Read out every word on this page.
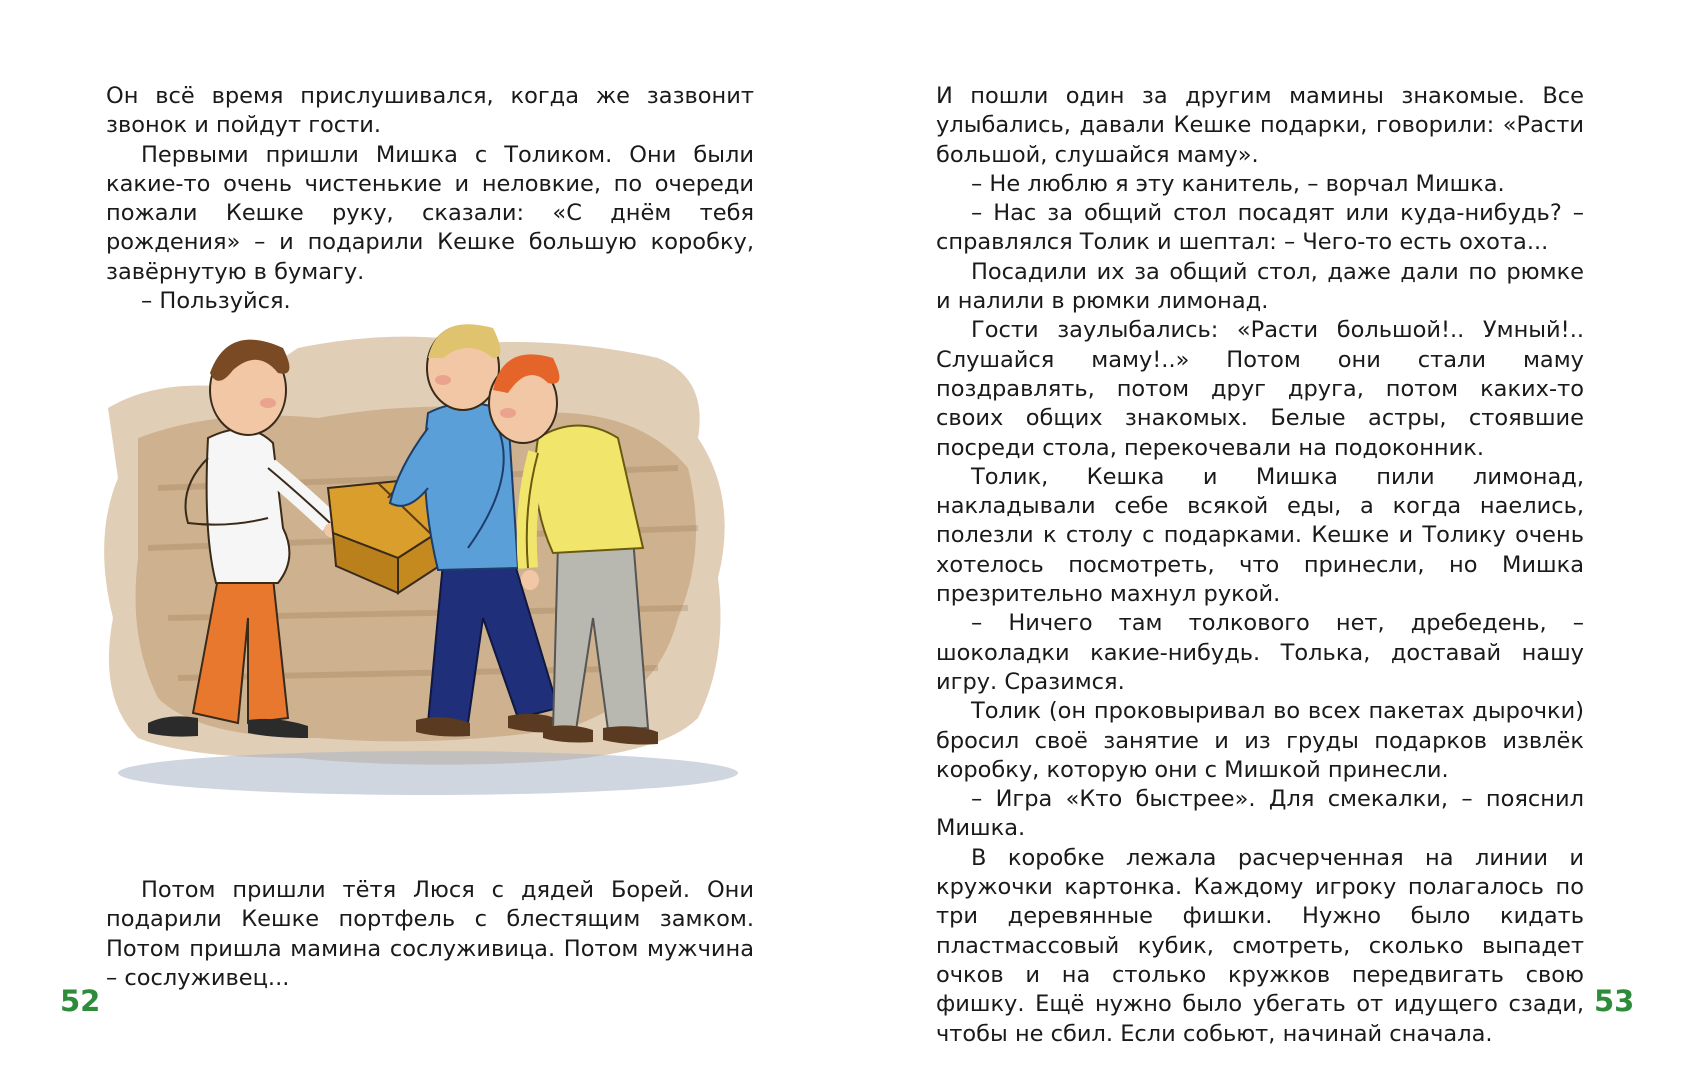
Он всё время прислушивался, когда же зазвонит звонок и пойдут гости.

Первыми пришли Мишка с Толиком. Они были какие-то очень чистенькие и неловкие, по очереди пожали Кешке руку, сказали: «С днём тебя рождения» – и подарили Кешке большую коробку, завёрнутую в бумагу.

– Пользуйся.

Потом пришли тётя Люся с дядей Борей. Они подарили Кешке портфель с блестящим замком. Потом пришла мамина сослуживица. Потом мужчина – сослуживец...

52

И пошли один за другим мамины знакомые. Все улыбались, давали Кешке подарки, говорили: «Расти большой, слушайся маму».

– Не люблю я эту канитель, – ворчал Мишка.

– Нас за общий стол посадят или куда-нибудь? – справлялся Толик и шептал: – Чего-то есть охота...

Посадили их за общий стол, даже дали по рюмке и налили в рюмки лимонад.

Гости заулыбались: «Расти большой!.. Умный!.. Слушайся маму!..» Потом они стали маму поздравлять, потом друг друга, потом каких-то своих общих знакомых. Белые астры, стоявшие посреди стола, перекочевали на подоконник.

Толик, Кешка и Мишка пили лимонад, накладывали себе всякой еды, а когда наелись, полезли к столу с подарками. Кешке и Толику очень хотелось посмотреть, что принесли, но Мишка презрительно махнул рукой.

– Ничего там толкового нет, дребедень, – шоколадки какие-нибудь. Толька, доставай нашу игру. Сразимся.

Толик (он проковыривал во всех пакетах дырочки) бросил своё занятие и из груды подарков извлёк коробку, которую они с Мишкой принесли.

– Игра «Кто быстрее». Для смекалки, – пояснил Мишка.

В коробке лежала расчерченная на линии и кружочки картонка. Каждому игроку полагалось по три деревянные фишки. Нужно было кидать пластмассовый кубик, смотреть, сколько выпадет очков и на столько кружков передвигать свою фишку. Ещё нужно было убегать от идущего сзади, чтобы не сбил. Если собьют, начинай сначала.

53
